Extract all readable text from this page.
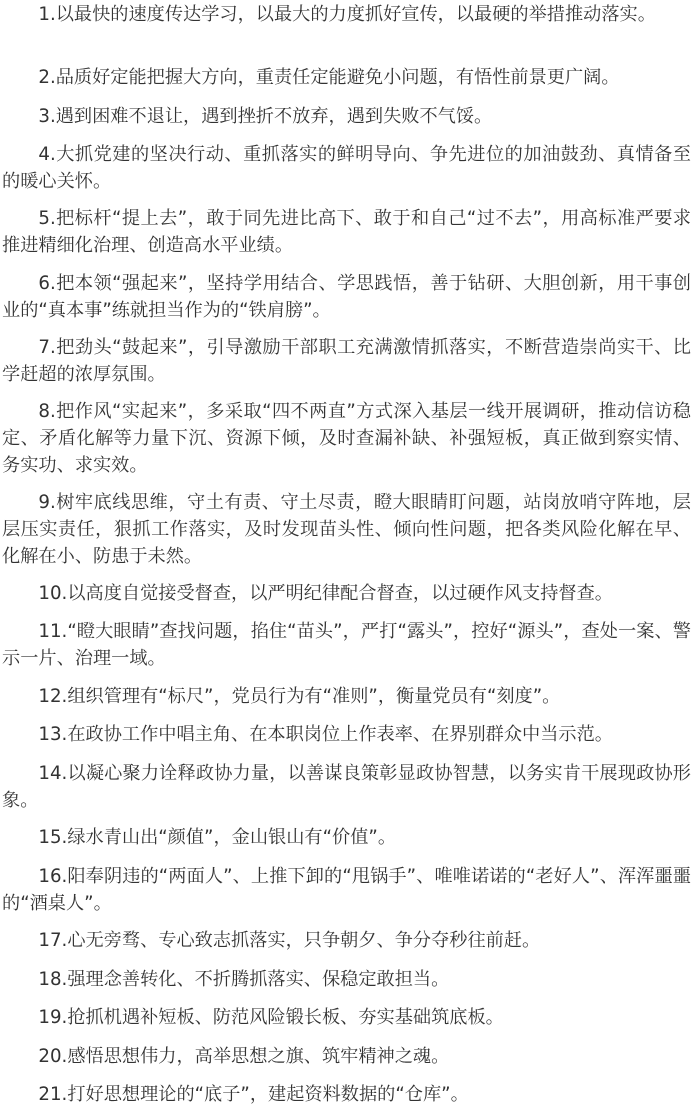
1.以最快的速度传达学习，以最大的力度抓好宣传，以最硬的举措推动落实。

2.品质好定能把握大方向，重责任定能避免小问题，有悟性前景更广阔。

3.遇到困难不退让，遇到挫折不放弃，遇到失败不气馁。

4.大抓党建的坚决行动、重抓落实的鲜明导向、争先进位的加油鼓劲、真情备至的暖心关怀。

5.把标杆“提上去”，敢于同先进比高下、敢于和自己“过不去”，用高标准严要求推进精细化治理、创造高水平业绩。

6.把本领“强起来”，坚持学用结合、学思践悟，善于钻研、大胆创新，用干事创业的“真本事”练就担当作为的“铁肩膀”。

7.把劲头“鼓起来”，引导激励干部职工充满激情抓落实，不断营造崇尚实干、比学赶超的浓厚氛围。

8.把作风“实起来”，多采取“四不两直”方式深入基层一线开展调研，推动信访稳定、矛盾化解等力量下沉、资源下倾，及时查漏补缺、补强短板，真正做到察实情、务实功、求实效。

9.树牢底线思维，守土有责、守土尽责，瞪大眼睛盯问题，站岗放哨守阵地，层层压实责任，狠抓工作落实，及时发现苗头性、倾向性问题，把各类风险化解在早、化解在小、防患于未然。

10.以高度自觉接受督查，以严明纪律配合督查，以过硬作风支持督查。

11.“瞪大眼睛”查找问题，掐住“苗头”，严打“露头”，控好“源头”，查处一案、警示一片、治理一域。

12.组织管理有“标尺”，党员行为有“准则”，衡量党员有“刻度”。

13.在政协工作中唱主角、在本职岗位上作表率、在界别群众中当示范。

14.以凝心聚力诠释政协力量，以善谋良策彰显政协智慧，以务实肯干展现政协形象。

15.绿水青山出“颜值”，金山银山有“价值”。

16.阳奉阴违的“两面人”、上推下卸的“甩锅手”、唯唯诺诺的“老好人”、浑浑噩噩的“酒桌人”。

17.心无旁骛、专心致志抓落实，只争朝夕、争分夺秒往前赶。

18.强理念善转化、不折腾抓落实、保稳定敢担当。

19.抢抓机遇补短板、防范风险锻长板、夯实基础筑底板。

20.感悟思想伟力，高举思想之旗、筑牢精神之魂。

21.打好思想理论的“底子”，建起资料数据的“仓库”。
